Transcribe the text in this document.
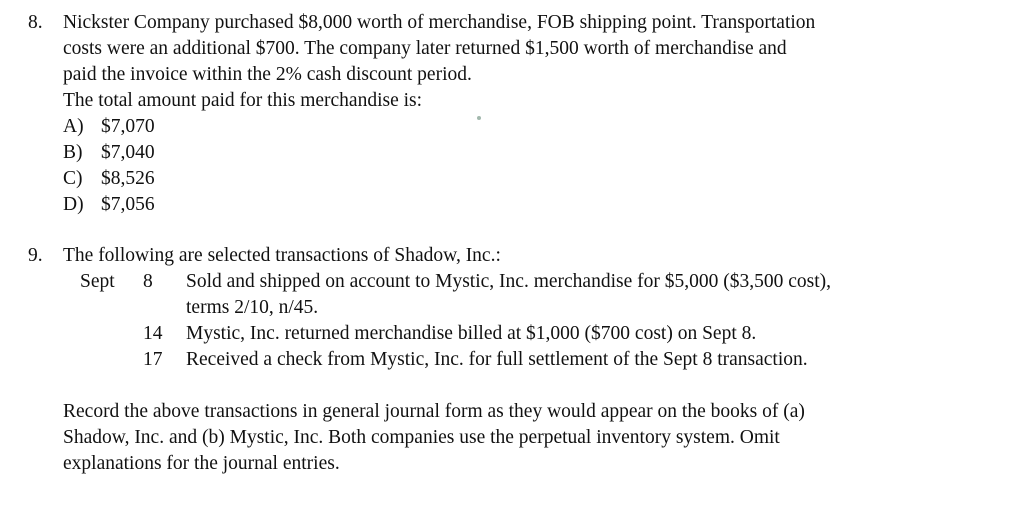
8. Nickster Company purchased $8,000 worth of merchandise, FOB shipping point. Transportation
costs were an additional $700. The company later returned $1,500 worth of merchandise and
paid the invoice within the 2% cash discount period.
The total amount paid for this merchandise is:
A) $7,070
B) $7,040
C) $8,526
D) $7,056
9. The following are selected transactions of Shadow, Inc.:
Sept 8 Sold and shipped on account to Mystic, Inc. merchandise for $5,000 ($3,500 cost),
terms 2/10, n/45.
14 Mystic, Inc. returned merchandise billed at $1,000 ($700 cost) on Sept 8.
17 Received a check from Mystic, Inc. for full settlement of the Sept 8 transaction.
Record the above transactions in general journal form as they would appear on the books of (a)
Shadow, Inc. and (b) Mystic, Inc. Both companies use the perpetual inventory system. Omit
explanations for the journal entries.
